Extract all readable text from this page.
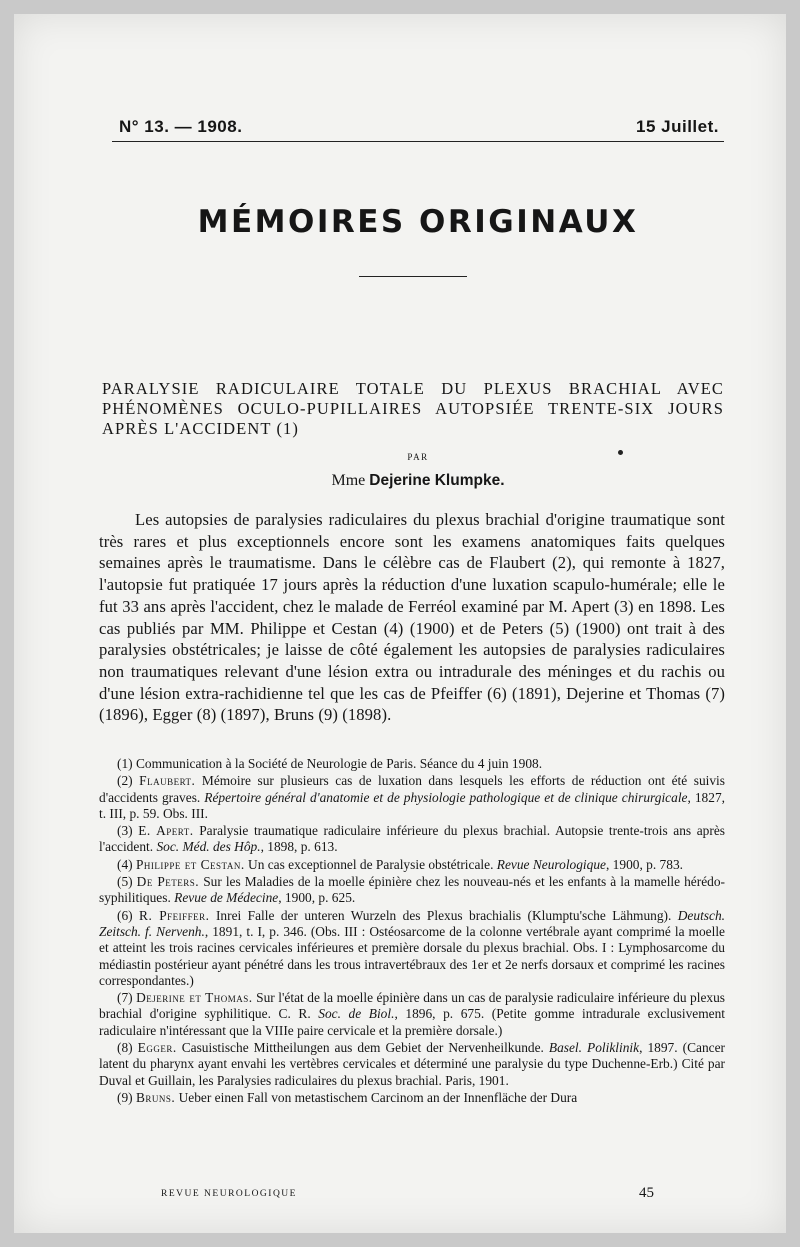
N° 13. — 1908.	15 Juillet.
MÉMOIRES ORIGINAUX
PARALYSIE RADICULAIRE TOTALE DU PLEXUS BRACHIAL AVEC PHÉNOMÈNES OCULO-PUPILLAIRES AUTOPSIÉE TRENTE-SIX JOURS APRÈS L'ACCIDENT (1)
PAR
Mme Dejerine Klumpke.
Les autopsies de paralysies radiculaires du plexus brachial d'origine traumatique sont très rares et plus exceptionnels encore sont les examens anatomiques faits quelques semaines après le traumatisme. Dans le célèbre cas de Flaubert (2), qui remonte à 1827, l'autopsie fut pratiquée 17 jours après la réduction d'une luxation scapulo-humérale; elle le fut 33 ans après l'accident, chez le malade de Ferréol examiné par M. Apert (3) en 1898. Les cas publiés par MM. Philippe et Cestan (4) (1900) et de Peters (5) (1900) ont trait à des paralysies obstétricales; je laisse de côté également les autopsies de paralysies radiculaires non traumatiques relevant d'une lésion extra ou intradurale des méninges et du rachis ou d'une lésion extra-rachidienne tel que les cas de Pfeiffer (6) (1891), Dejerine et Thomas (7) (1896), Egger (8) (1897), Bruns (9) (1898).

(1) Communication à la Société de Neurologie de Paris. Séance du 4 juin 1908.

(2) Flaubert. Mémoire sur plusieurs cas de luxation dans lesquels les efforts de réduction ont été suivis d'accidents graves. Répertoire général d'anatomie et de physiologie pathologique et de clinique chirurgicale, 1827, t. III, p. 59. Obs. III.

(3) E. Apert. Paralysie traumatique radiculaire inférieure du plexus brachial. Autopsie trente-trois ans après l'accident. Soc. Méd. des Hôp., 1898, p. 613.

(4) Philippe et Cestan. Un cas exceptionnel de Paralysie obstétricale. Revue Neurologique, 1900, p. 783.

(5) De Peters. Sur les Maladies de la moelle épinière chez les nouveau-nés et les enfants à la mamelle hérédo-syphilitiques. Revue de Médecine, 1900, p. 625.

(6) R. Pfeiffer. Inrei Falle der unteren Wurzeln des Plexus brachialis (Klumptu'sche Lähmung). Deutsch. Zeitsch. f. Nervenh., 1891, t. I, p. 346. (Obs. III : Ostéosarcome de la colonne vertébrale ayant comprimé la moelle et atteint les trois racines cervicales inférieures et première dorsale du plexus brachial. Obs. I : Lymphosarcome du médiastin postérieur ayant pénétré dans les trous intravertébraux des 1er et 2e nerfs dorsaux et comprimé les racines correspondantes.)

(7) Dejerine et Thomas. Sur l'état de la moelle épinière dans un cas de paralysie radiculaire inférieure du plexus brachial d'origine syphilitique. C. R. Soc. de Biol., 1896, p. 675. (Petite gomme intradurale exclusivement radiculaire n'intéressant que la VIIIe paire cervicale et la première dorsale.)

(8) Egger. Casuistische Mittheilungen aus dem Gebiet der Nervenheilkunde. Basel. Poliklinik, 1897. (Cancer latent du pharynx ayant envahi les vertèbres cervicales et déterminé une paralysie du type Duchenne-Erb.) Cité par Duval et Guillain, les Paralysies radiculaires du plexus brachial. Paris, 1901.

(9) Bruns. Ueber einen Fall von metastischem Carcinom an der Innenfläche der Dura

REVUE NEUROLOGIQUE	45
